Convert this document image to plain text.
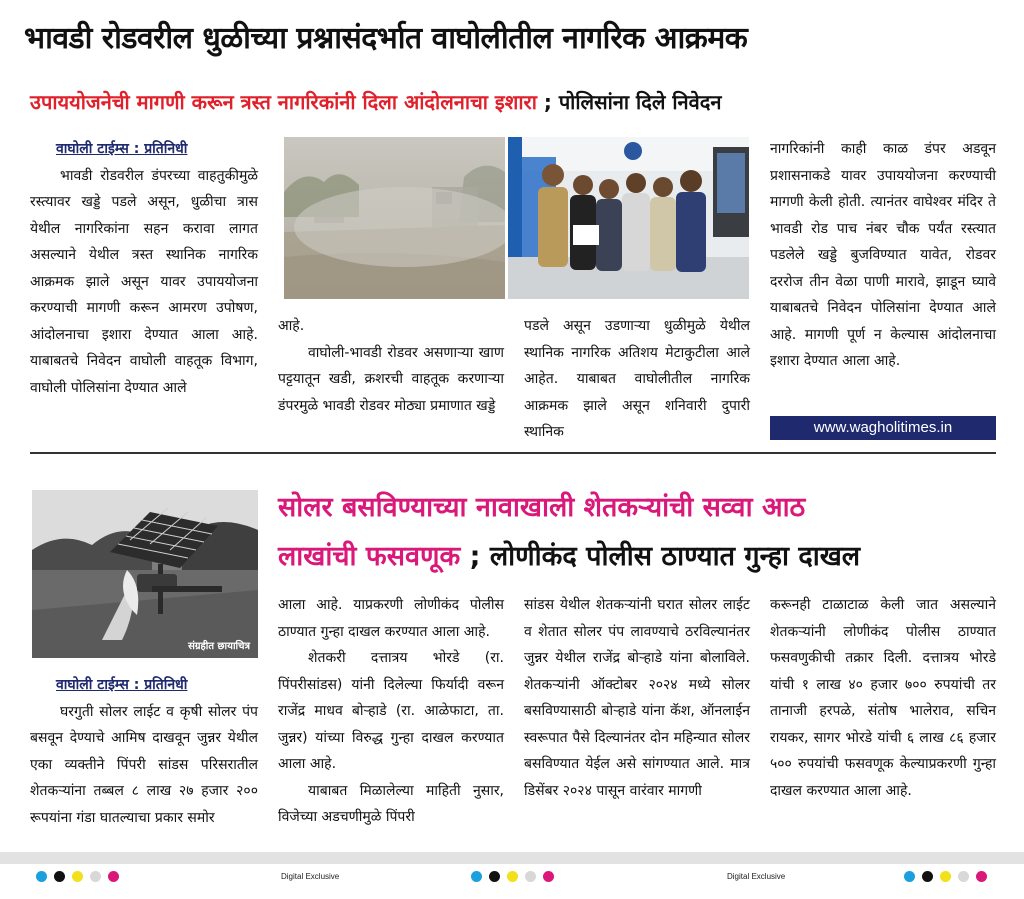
भावडी रोडवरील धुळीच्या प्रश्नासंदर्भात वाघोलीतील नागरिक आक्रमक
उपाययोजनेची मागणी करून त्रस्त नागरिकांनी दिला आंदोलनाचा इशारा ; पोलिसांना दिले निवेदन
वाघोली टाईम्स : प्रतिनिधी

भावडी रोडवरील डंपरच्या वाहतुकीमुळे रस्त्यावर खड्डे पडले असून, धुळीचा त्रास येथील नागरिकांना सहन करावा लागत असल्याने येथील त्रस्त स्थानिक नागरिक आक्रमक झाले असून यावर उपाययोजना करण्याची मागणी करून आमरण उपोषण, आंदोलनाचा इशारा देण्यात आला आहे. याबाबतचे निवेदन वाघोली वाहतूक विभाग, वाघोली पोलिसांना देण्यात आले

आहे.

वाघोली-भावडी रोडवर असणाऱ्या खाण पट्टयातून खडी, क्रशरची वाहतूक करणाऱ्या डंपरमुळे भावडी रोडवर मोठ्या प्रमाणात खड्डे

पडले असून उडणाऱ्या धुळीमुळे येथील स्थानिक नागरिक अतिशय मेटाकुटीला आले आहेत. याबाबत वाघोलीतील नागरिक आक्रमक झाले असून शनिवारी दुपारी स्थानिक

नागरिकांनी काही काळ डंपर अडवून प्रशासनाकडे यावर उपाययोजना करण्याची मागणी केली होती. त्यानंतर वाघेश्वर मंदिर ते भावडी रोड पाच नंबर चौक पर्यंत रस्त्यात पडलेले खड्डे बुजविण्यात यावेत, रोडवर दररोज तीन वेळा पाणी मारावे, झाडून घ्यावे याबाबतचे निवेदन पोलिसांना देण्यात आले आहे. मागणी पूर्ण न केल्यास आंदोलनाचा इशारा देण्यात आला आहे.

www.wagholitimes.in
संग्रहीत छायाचित्र
सोलर बसविण्याच्या नावाखाली शेतकऱ्यांची सव्वा आठ
लाखांची फसवणूक ; लोणीकंद पोलीस ठाण्यात गुन्हा दाखल
वाघोली टाईम्स : प्रतिनिधी

घरगुती सोलर लाईट व कृषी सोलर पंप बसवून देण्याचे आमिष दाखवून जुन्नर येथील एका व्यक्तीने पिंपरी सांडस परिसरातील शेतकऱ्यांना तब्बल ८ लाख २७ हजार २०० रूपयांना गंडा घातल्याचा प्रकार समोर

आला आहे. याप्रकरणी लोणीकंद पोलीस ठाण्यात गुन्हा दाखल करण्यात आला आहे.

शेतकरी दत्तात्रय भोरडे (रा. पिंपरीसांडस) यांनी दिलेल्या फिर्यादी वरून राजेंद्र माधव बोऱ्हाडे (रा. आळेफाटा, ता. जुन्नर) यांच्या विरुद्ध गुन्हा दाखल करण्यात आला आहे.

याबाबत मिळालेल्या माहिती नुसार, विजेच्या अडचणीमुळे पिंपरी

सांडस येथील शेतकऱ्यांनी घरात सोलर लाईट व शेतात सोलर पंप लावण्याचे ठरविल्यानंतर जुन्नर येथील राजेंद्र बोऱ्हाडे यांना बोलाविले. शेतकऱ्यांनी ऑक्टोबर २०२४ मध्ये सोलर बसविण्यासाठी बोऱ्हाडे यांना कॅश, ऑनलाईन स्वरूपात पैसे दिल्यानंतर दोन महिन्यात सोलर बसविण्यात येईल असे सांगण्यात आले. मात्र डिसेंबर २०२४ पासून वारंवार मागणी

करूनही टाळाटाळ केली जात असल्याने शेतकऱ्यांनी लोणीकंद पोलीस ठाण्यात फसवणुकीची तक्रार दिली. दत्तात्रय भोरडे यांची १ लाख ४० हजार ७०० रुपयांची तर तानाजी हरपळे, संतोष भालेराव, सचिन रायकर, सागर भोरडे यांची ६ लाख ८६ हजार ५०० रुपयांची फसवणूक केल्याप्रकरणी गुन्हा दाखल करण्यात आला आहे.

Digital Exclusive	Digital Exclusive
